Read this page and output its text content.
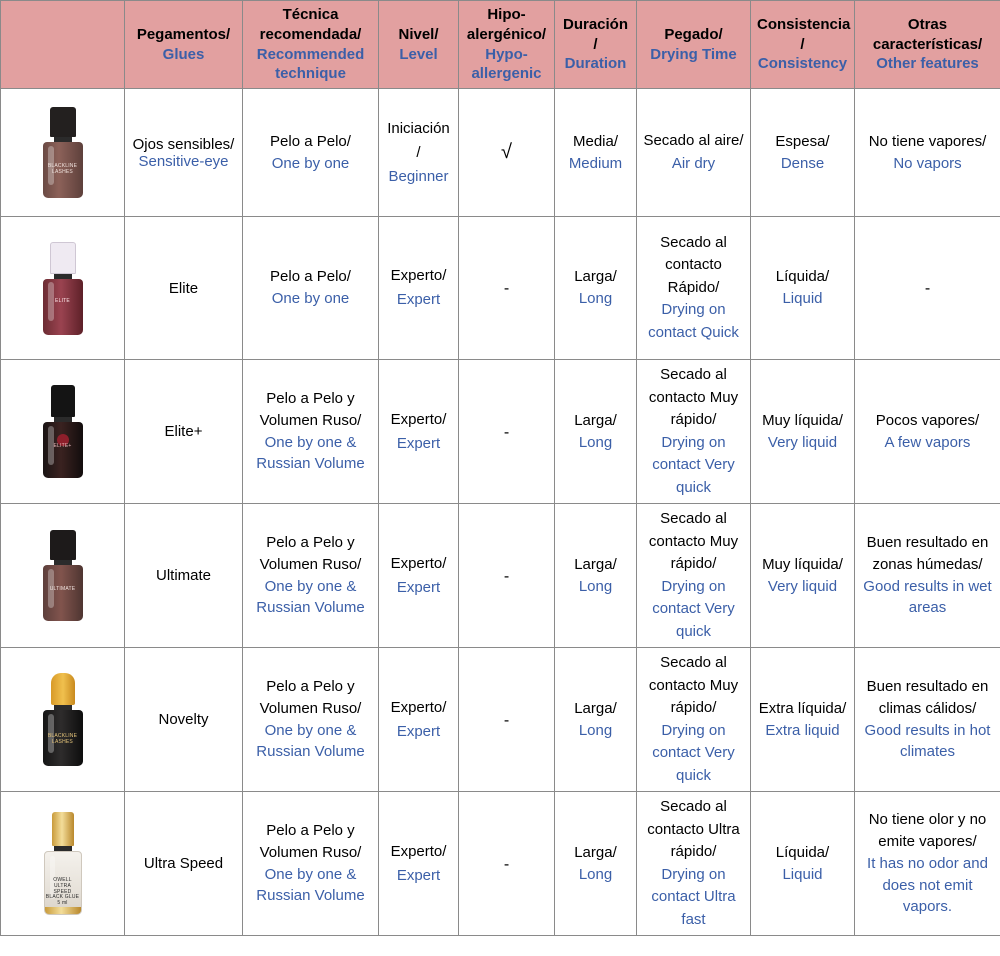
	Pegamentos/
Glues	Técnica recomendada/
Recommended technique	Nivel/
Level	Hipo-alergénico/
Hypo-allergenic	Duración /
Duration	Pegado/
Drying Time	Consistencia /
Consistency	Otras características/
Other features

BLACKLINE LASHES	Ojos sensibles/
Sensitive-eye	Pelo a Pelo/
One by one	Iniciación /
Beginner	√	Media/
Medium	Secado al aire/
Air dry	Espesa/
Dense	No tiene vapores/
No vapors

ELITE	Elite	Pelo a Pelo/
One by one	Experto/
Expert	-	Larga/
Long	Secado al contacto Rápido/
Drying on contact Quick	Líquida/
Liquid	-

ELITE+	Elite+	Pelo a Pelo y Volumen Ruso/
One by one & Russian Volume	Experto/
Expert	-	Larga/
Long	Secado al contacto Muy rápido/
Drying on contact Very quick	Muy líquida/
Very liquid	Pocos vapores/
A few vapors

ULTIMATE	Ultimate	Pelo a Pelo y Volumen Ruso/
One by one & Russian Volume	Experto/
Expert	-	Larga/
Long	Secado al contacto Muy rápido/
Drying on contact Very quick	Muy líquida/
Very liquid	Buen resultado en zonas húmedas/
Good results in wet areas

BLACKLINE LASHES	Novelty	Pelo a Pelo y Volumen Ruso/
One by one & Russian Volume	Experto/
Expert	-	Larga/
Long	Secado al contacto Muy rápido/
Drying on contact Very quick	Extra líquida/
Extra liquid	Buen resultado en climas cálidos/
Good results in hot climates

OWELL ULTRA SPEED BLACK GLUE 5 ml	Ultra Speed	Pelo a Pelo y Volumen Ruso/
One by one & Russian Volume	Experto/
Expert	-	Larga/
Long	Secado al contacto Ultra rápido/
Drying on contact Ultra fast	Líquida/
Liquid	No tiene olor y no emite vapores/
It has no odor and does not emit vapors.
